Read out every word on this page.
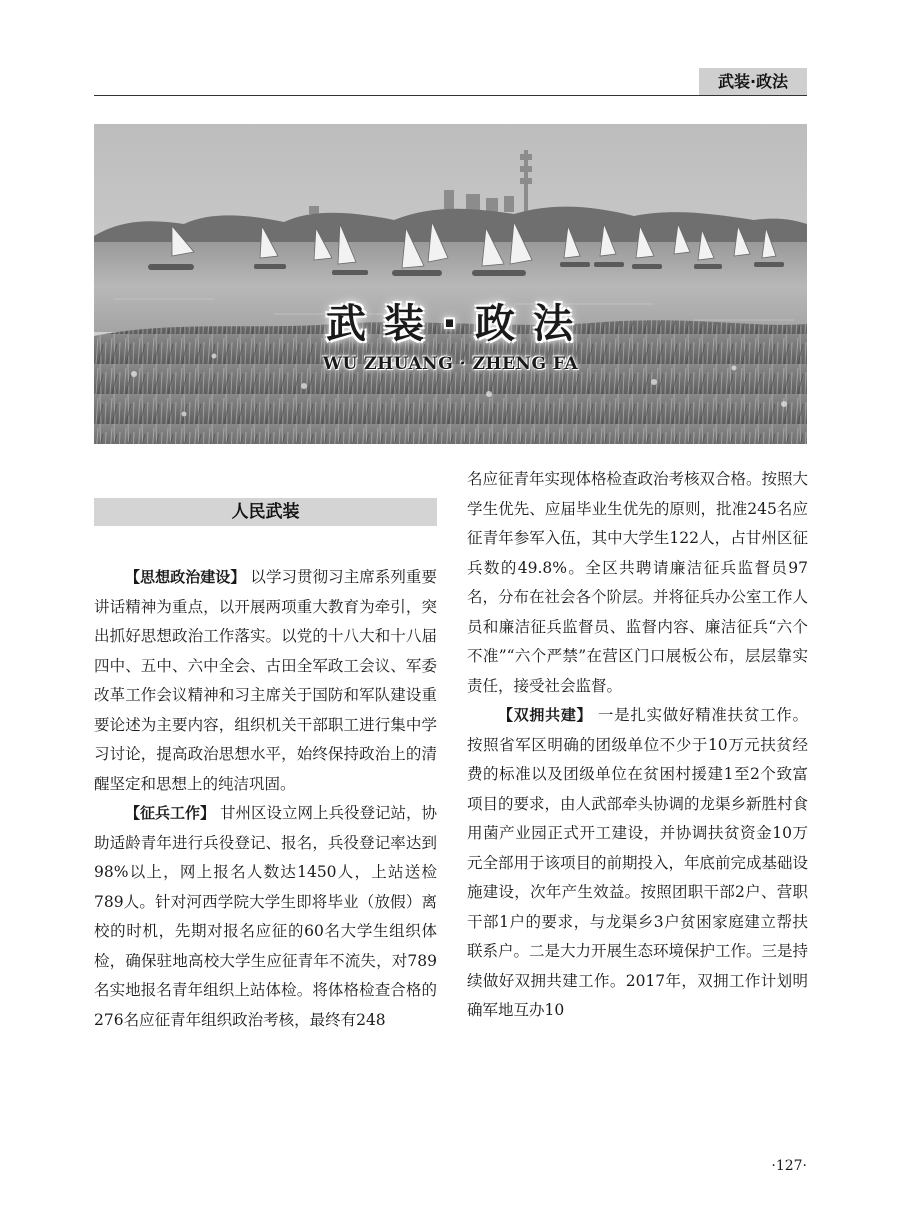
武装·政法
武 装 · 政 法
WU ZHUANG · ZHENG FA
人民武装

【思想政治建设】 以学习贯彻习主席系列重要讲话精神为重点，以开展两项重大教育为牵引，突出抓好思想政治工作落实。以党的十八大和十八届四中、五中、六中全会、古田全军政工会议、军委改革工作会议精神和习主席关于国防和军队建设重要论述为主要内容，组织机关干部职工进行集中学习讨论，提高政治思想水平，始终保持政治上的清醒坚定和思想上的纯洁巩固。

【征兵工作】 甘州区设立网上兵役登记站，协助适龄青年进行兵役登记、报名，兵役登记率达到98%以上，网上报名人数达1450人，上站送检789人。针对河西学院大学生即将毕业（放假）离校的时机，先期对报名应征的60名大学生组织体检，确保驻地高校大学生应征青年不流失，对789名实地报名青年组织上站体检。将体格检查合格的276名应征青年组织政治考核，最终有248

名应征青年实现体格检查政治考核双合格。按照大学生优先、应届毕业生优先的原则，批准245名应征青年参军入伍，其中大学生122人，占甘州区征兵数的49.8%。全区共聘请廉洁征兵监督员97名，分布在社会各个阶层。并将征兵办公室工作人员和廉洁征兵监督员、监督内容、廉洁征兵“六个不准”“六个严禁”在营区门口展板公布，层层靠实责任，接受社会监督。

【双拥共建】 一是扎实做好精准扶贫工作。按照省军区明确的团级单位不少于10万元扶贫经费的标准以及团级单位在贫困村援建1至2个致富项目的要求，由人武部牵头协调的龙渠乡新胜村食用菌产业园正式开工建设，并协调扶贫资金10万元全部用于该项目的前期投入，年底前完成基础设施建设，次年产生效益。按照团职干部2户、营职干部1户的要求，与龙渠乡3户贫困家庭建立帮扶联系户。二是大力开展生态环境保护工作。三是持续做好双拥共建工作。2017年，双拥工作计划明确军地互办10

·127·
